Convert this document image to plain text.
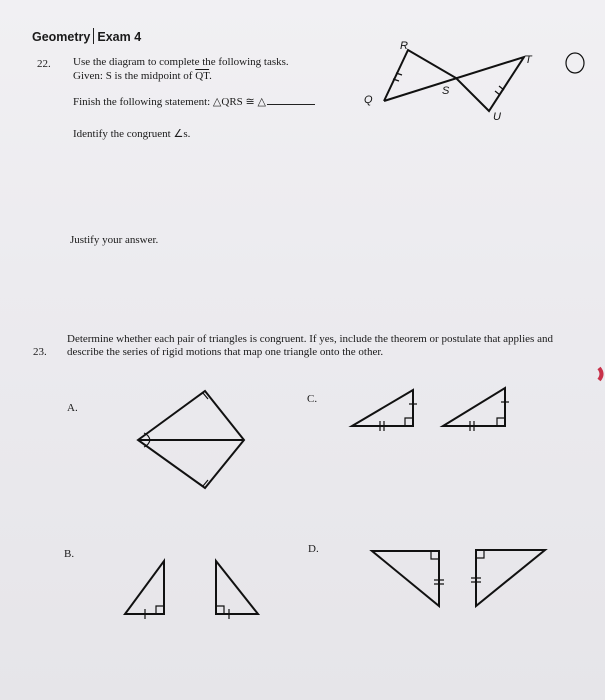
Geometry Exam 4
22. Use the diagram to complete the following tasks.
Given: S is the midpoint of $\overline{QT}$.
Finish the following statement: △QRS ≅ △
Identify the congruent ∠s.
Justify your answer.
23.
Determine whether each pair of triangles is congruent. If yes, include the theorem or postulate that applies and describe the series of rigid motions that map one triangle onto the other.
A.
C.
B.	D.
R
Q
S
T
U
